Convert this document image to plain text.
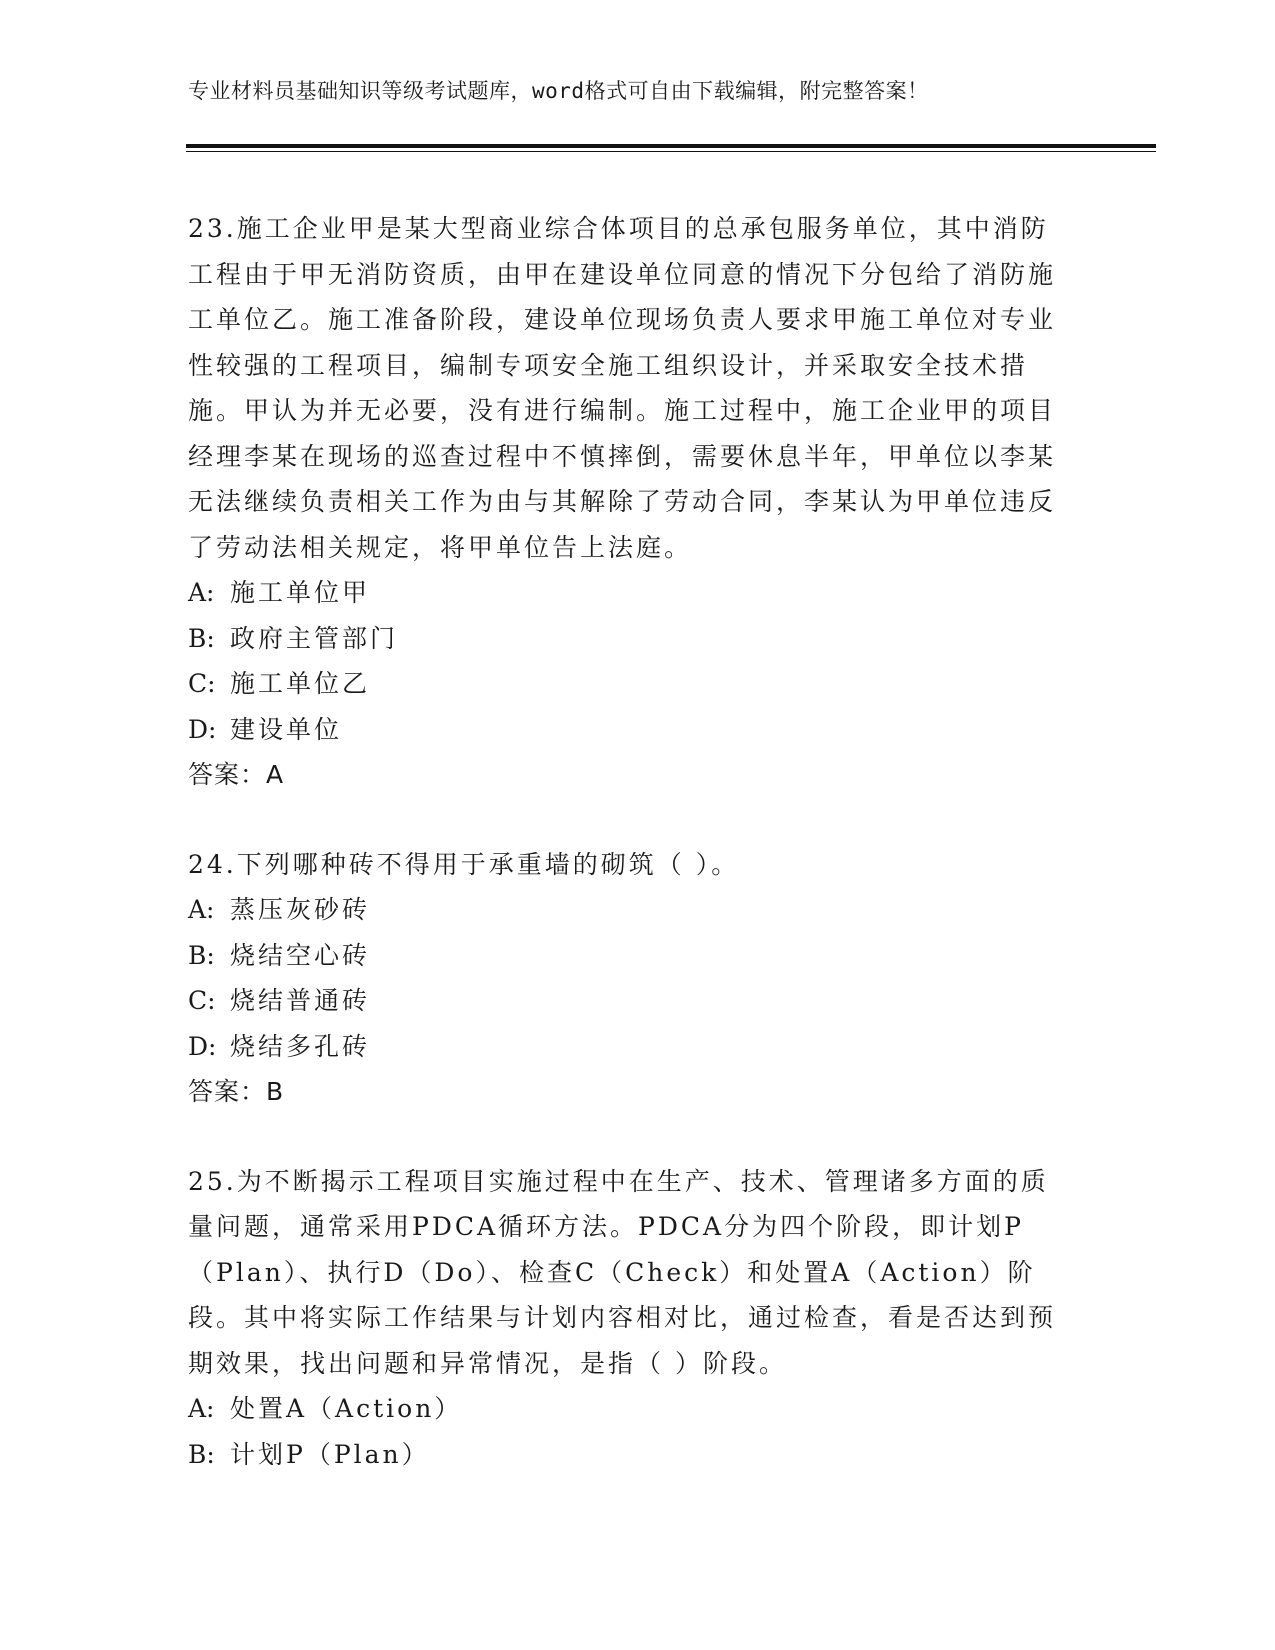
专业材料员基础知识等级考试题库，word格式可自由下载编辑，附完整答案！
23.施工企业甲是某大型商业综合体项目的总承包服务单位，其中消防工程由于甲无消防资质，由甲在建设单位同意的情况下分包给了消防施工单位乙。施工准备阶段，建设单位现场负责人要求甲施工单位对专业性较强的工程项目，编制专项安全施工组织设计，并采取安全技术措施。甲认为并无必要，没有进行编制。施工过程中，施工企业甲的项目经理李某在现场的巡查过程中不慎摔倒，需要休息半年，甲单位以李某无法继续负责相关工作为由与其解除了劳动合同，李某认为甲单位违反了劳动法相关规定，将甲单位告上法庭。
A: 施工单位甲
B: 政府主管部门
C: 施工单位乙
D: 建设单位
答案：A
24.下列哪种砖不得用于承重墙的砌筑（ ）。
A: 蒸压灰砂砖
B: 烧结空心砖
C: 烧结普通砖
D: 烧结多孔砖
答案：B
25.为不断揭示工程项目实施过程中在生产、技术、管理诸多方面的质量问题，通常采用PDCA循环方法。PDCA分为四个阶段，即计划P（Plan）、执行D（Do）、检查C（Check）和处置A（Action）阶段。其中将实际工作结果与计划内容相对比，通过检查，看是否达到预期效果，找出问题和异常情况，是指（ ）阶段。
A: 处置A（Action）
B: 计划P（Plan）
